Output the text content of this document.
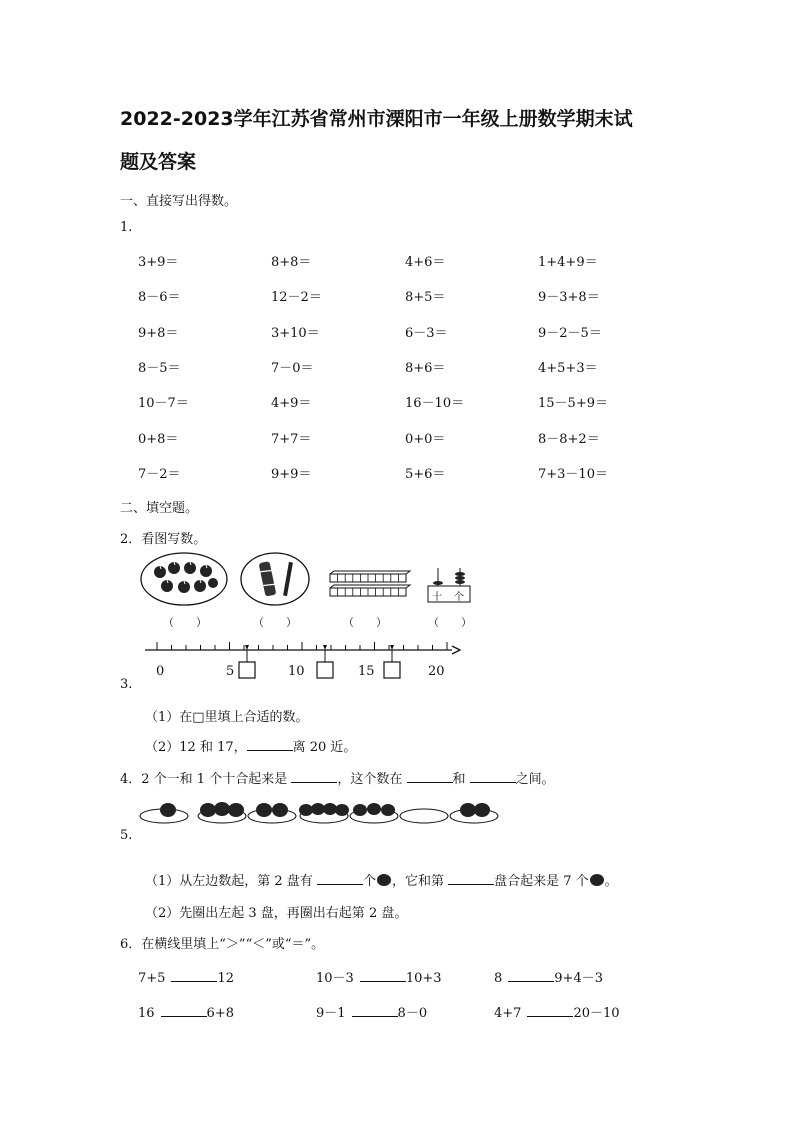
2022-2023学年江苏省常州市溧阳市一年级上册数学期末试
题及答案
一、直接写出得数。
1.
3+9＝	8+8＝	4+6＝	1+4+9＝
8－6＝	12－2＝	8+5＝	9－3+8＝
9+8＝	3+10＝	6－3＝	9－2－5＝
8－5＝	7－0＝	8+6＝	4+5+3＝
10－7＝	4+9＝	16－10＝	15－5+9＝
0+8＝	7+7＝	0+0＝	8－8+2＝
7－2＝	9+9＝	5+6＝	7+3－10＝
二、填空题。
2．看图写数。
十 个
（　　）	（　　）	（　　）	（　　）
0	5	10	15	20
3.
（1）在□里填上合适的数。
（2）12 和 17，	离 20 近。
4．2 个一和 1 个十合起来是	，这个数在	和	之间。
5.
（1）从左边数起，第 2 盘有	个 ，它和第	盘合起来是 7 个 。
（2）先圈出左起 3 盘，再圈出右起第 2 盘。
6．在横线里填上“＞”“＜”或“＝”。
7+5	12	10－3	10+3	8	9+4－3
16	6+8	9－1	8－0	4+7	20－10
